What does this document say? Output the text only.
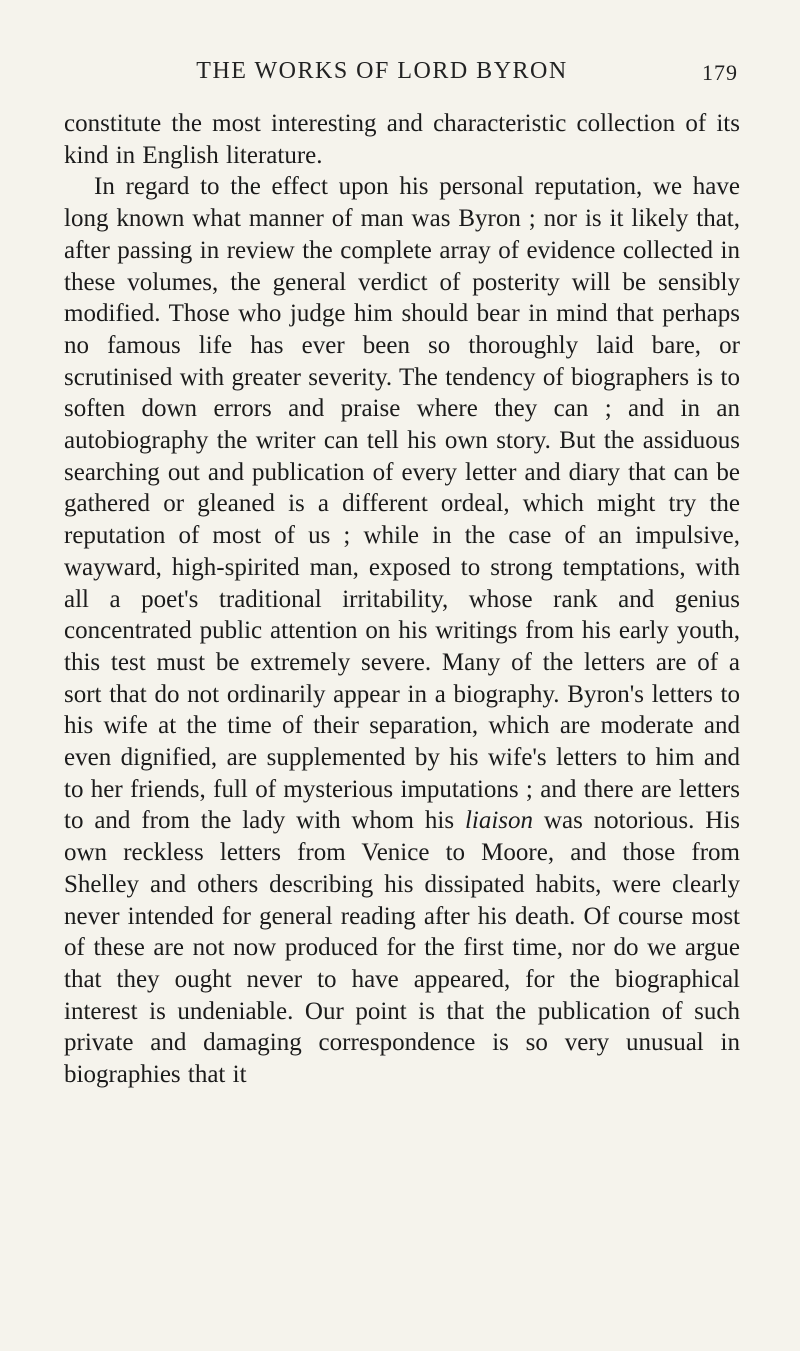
THE WORKS OF LORD BYRON	179

constitute the most interesting and characteristic collection of its kind in English literature.

In regard to the effect upon his personal reputation, we have long known what manner of man was Byron ; nor is it likely that, after passing in review the complete array of evidence collected in these volumes, the general verdict of posterity will be sensibly modified. Those who judge him should bear in mind that perhaps no famous life has ever been so thoroughly laid bare, or scrutinised with greater severity. The tendency of biographers is to soften down errors and praise where they can ; and in an autobiography the writer can tell his own story. But the assiduous searching out and publication of every letter and diary that can be gathered or gleaned is a different ordeal, which might try the reputation of most of us ; while in the case of an impulsive, wayward, high-spirited man, exposed to strong temptations, with all a poet's traditional irritability, whose rank and genius concentrated public attention on his writings from his early youth, this test must be extremely severe. Many of the letters are of a sort that do not ordinarily appear in a biography. Byron's letters to his wife at the time of their separation, which are moderate and even dignified, are supplemented by his wife's letters to him and to her friends, full of mysterious imputations ; and there are letters to and from the lady with whom his liaison was notorious. His own reckless letters from Venice to Moore, and those from Shelley and others describing his dissipated habits, were clearly never intended for general reading after his death. Of course most of these are not now produced for the first time, nor do we argue that they ought never to have appeared, for the biographical interest is undeniable. Our point is that the publication of such private and damaging correspondence is so very unusual in biographies that it
